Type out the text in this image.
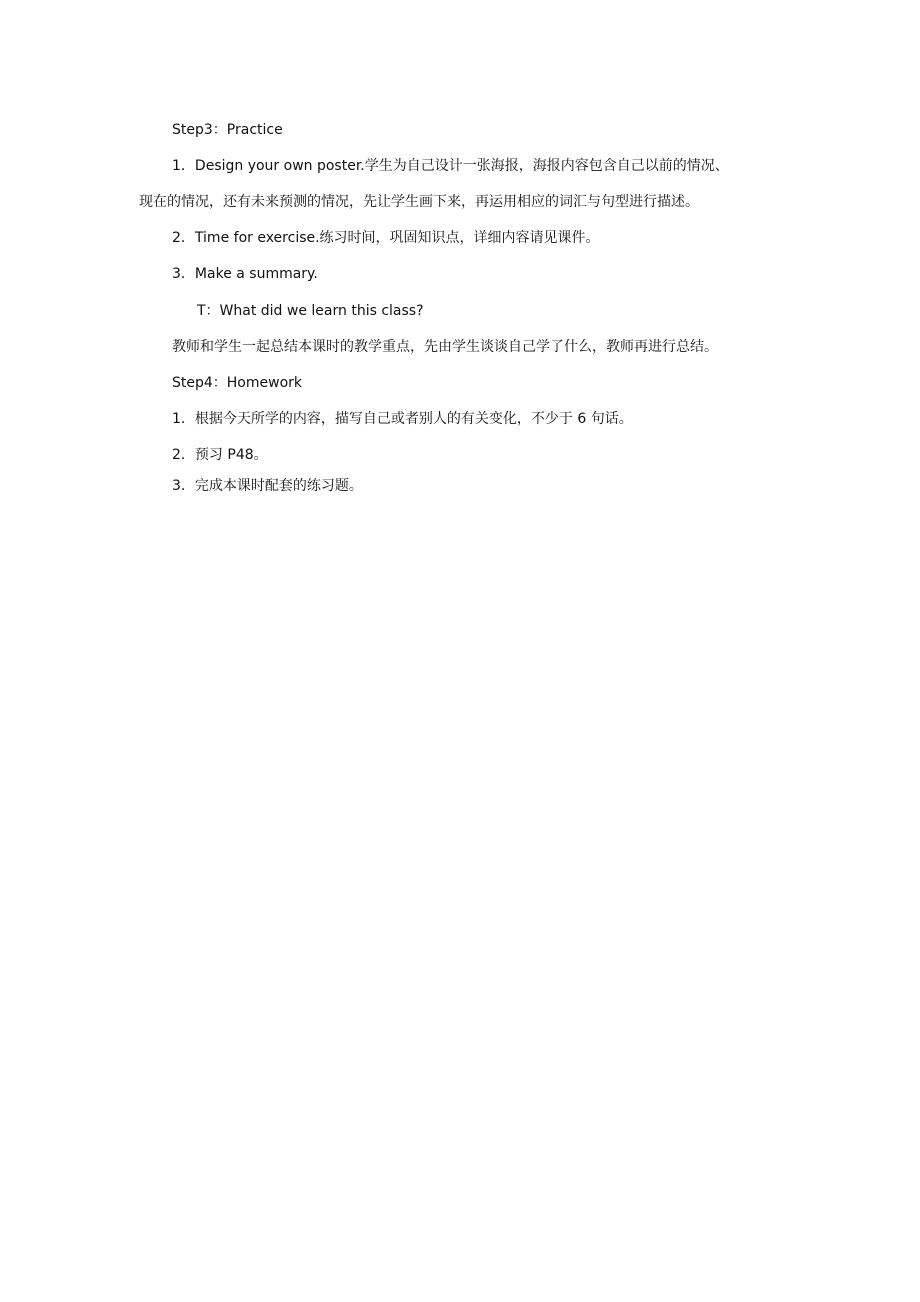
Step3：Practice
1．Design your own poster.学生为自己设计一张海报，海报内容包含自己以前的情况、
现在的情况，还有未来预测的情况，先让学生画下来，再运用相应的词汇与句型进行描述。
2．Time for exercise.练习时间，巩固知识点，详细内容请见课件。
3．Make a summary.
T：What did we learn this class?
教师和学生一起总结本课时的教学重点，先由学生谈谈自己学了什么，教师再进行总结。
Step4：Homework
1．根据今天所学的内容，描写自己或者别人的有关变化，不少于 6 句话。
2．预习 P48。
3．完成本课时配套的练习题。
